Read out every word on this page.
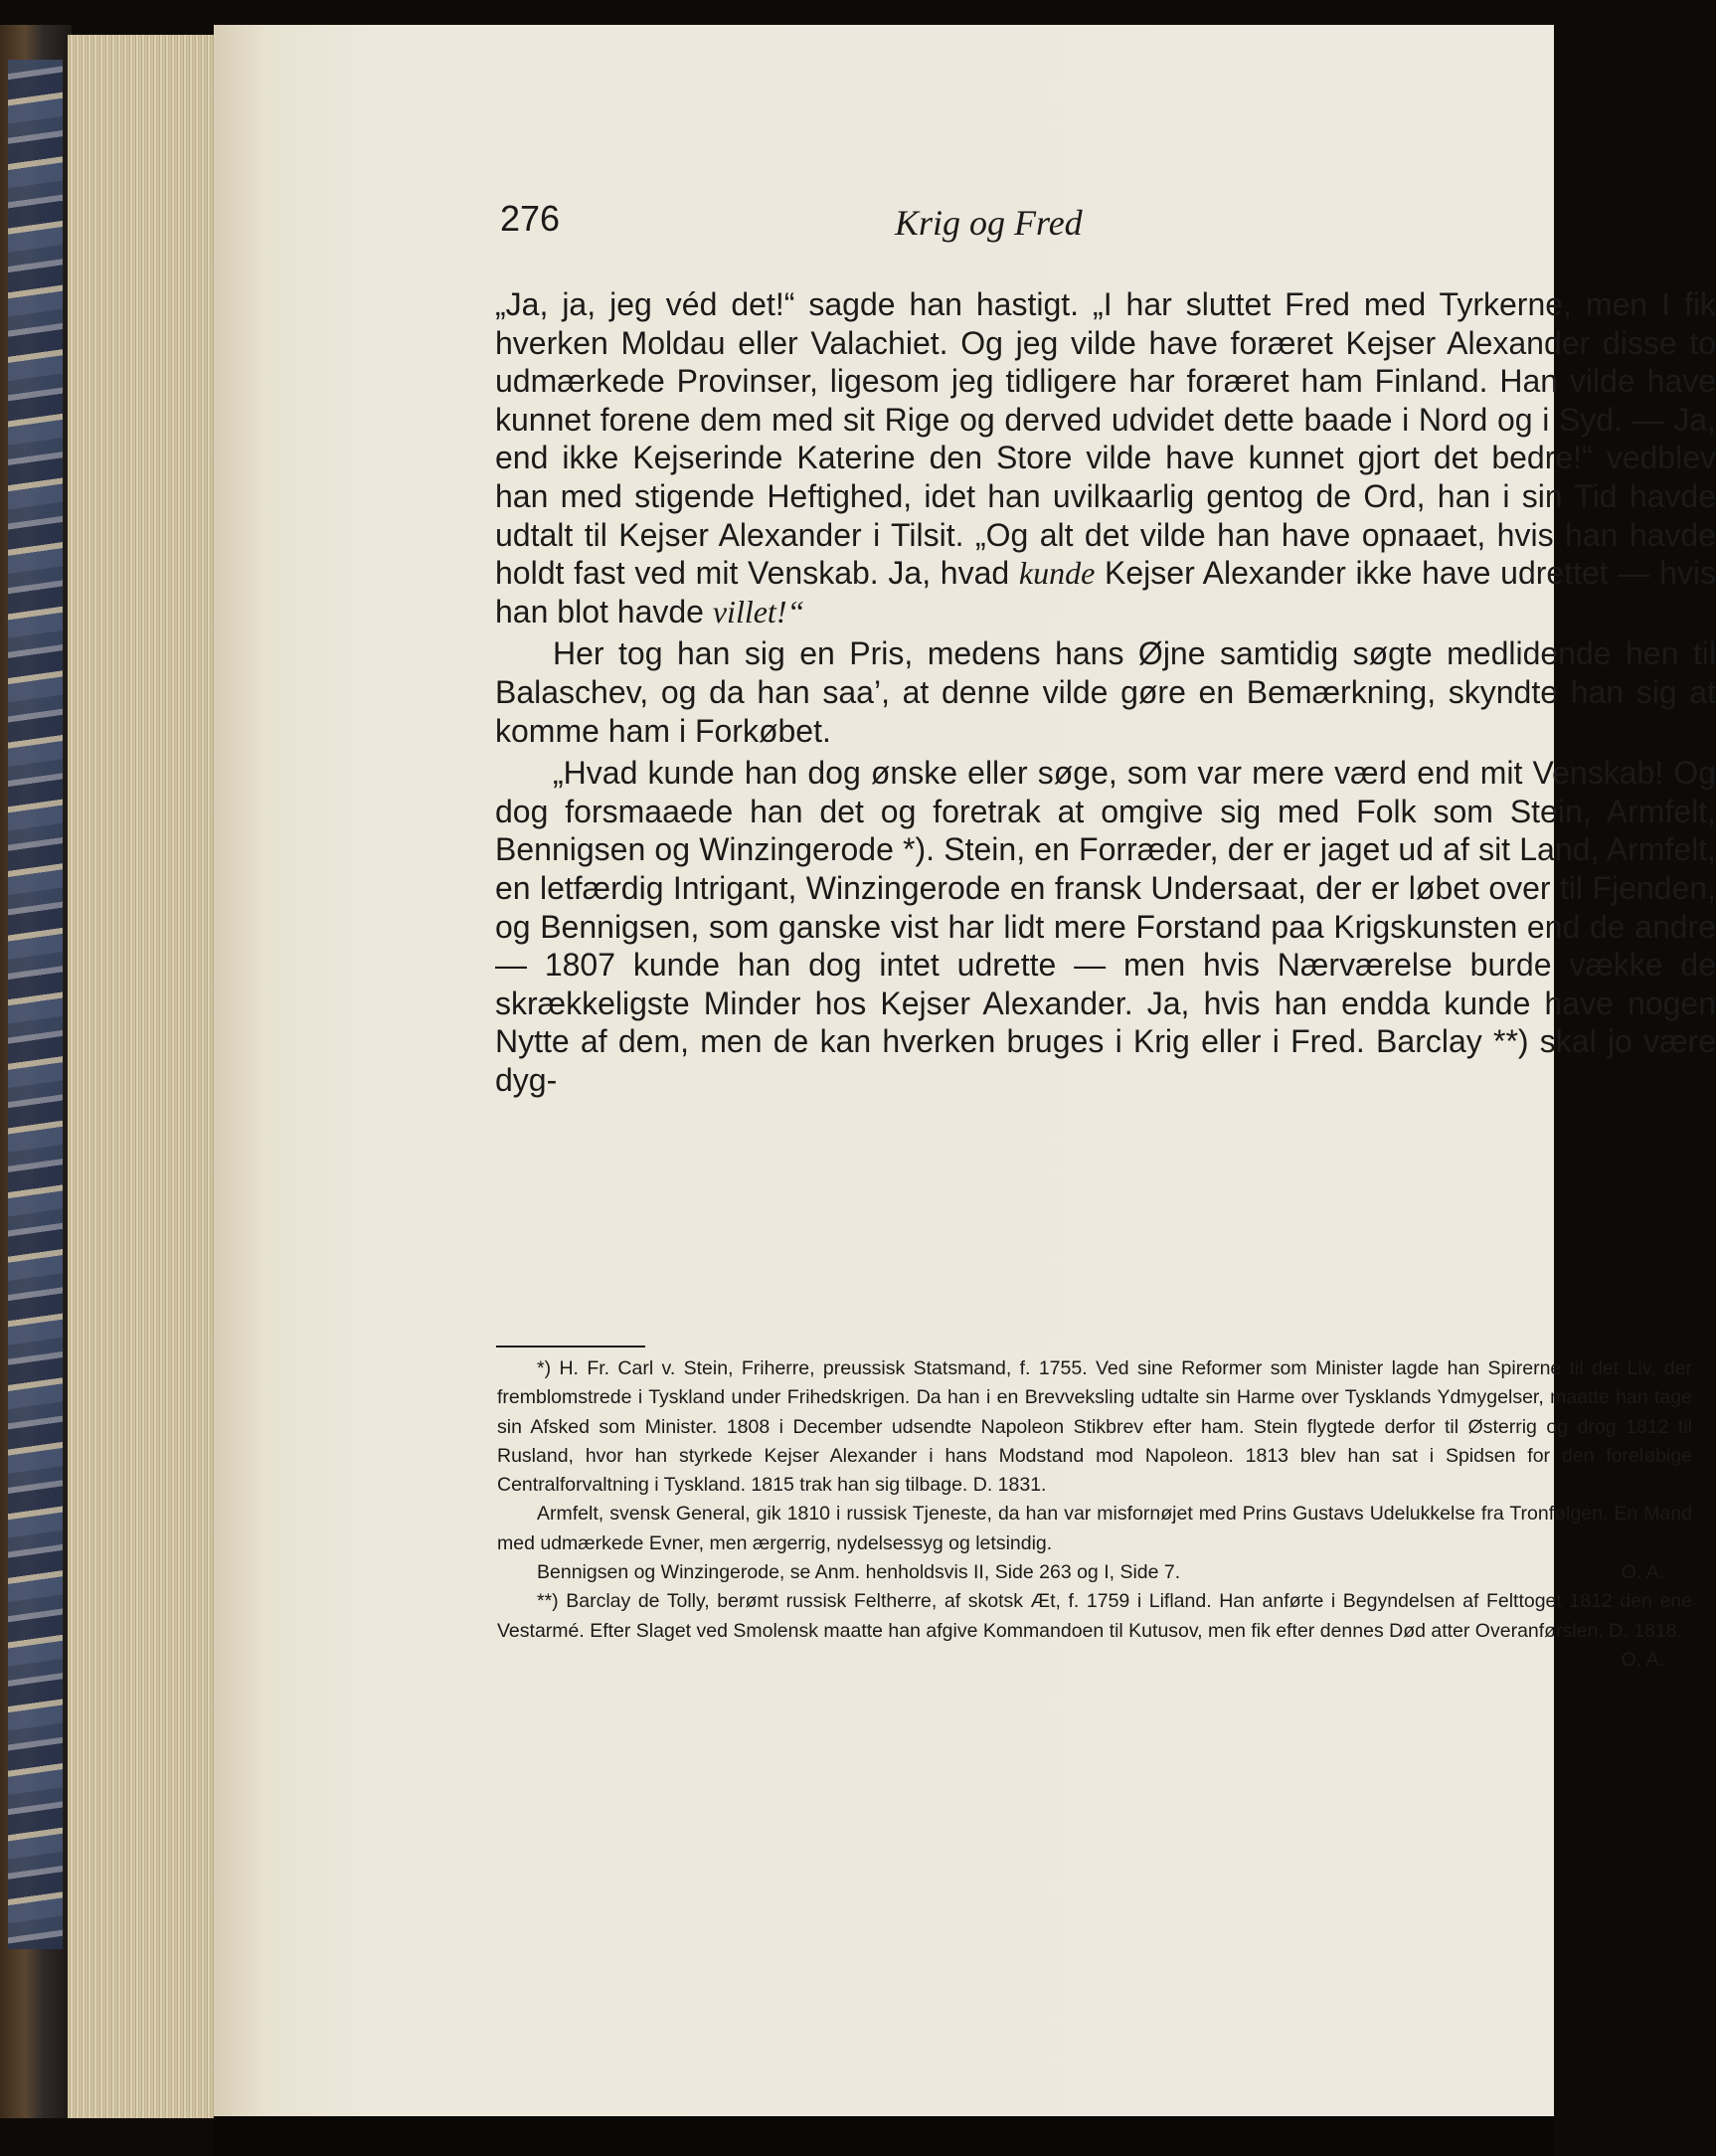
276	Krig og Fred

„Ja, ja, jeg véd det!“ sagde han hastigt. „I har sluttet Fred med Tyrkerne, men I fik hverken Moldau eller Valachiet. Og jeg vilde have foræret Kejser Alexander disse to udmærkede Provinser, ligesom jeg tidligere har foræret ham Finland. Han vilde have kunnet forene dem med sit Rige og derved udvidet dette baade i Nord og i Syd. — Ja, end ikke Kejserinde Katerine den Store vilde have kunnet gjort det bedre!“ vedblev han med stigende Heftighed, idet han uvilkaarlig gentog de Ord, han i sin Tid havde udtalt til Kejser Alexander i Tilsit. „Og alt det vilde han have opnaaet, hvis han havde holdt fast ved mit Venskab. Ja, hvad kunde Kejser Alexander ikke have udrettet — hvis han blot havde villet!“

Her tog han sig en Pris, medens hans Øjne samtidig søgte medlidende hen til Balaschev, og da han saa’, at denne vilde gøre en Bemærkning, skyndte han sig at komme ham i Forkøbet.

„Hvad kunde han dog ønske eller søge, som var mere værd end mit Venskab! Og dog forsmaaede han det og foretrak at omgive sig med Folk som Stein, Armfelt, Bennigsen og Winzingerode *). Stein, en Forræder, der er jaget ud af sit Land, Armfelt, en letfærdig Intrigant, Winzingerode en fransk Undersaat, der er løbet over til Fjenden, og Bennigsen, som ganske vist har lidt mere Forstand paa Krigskunsten end de andre — 1807 kunde han dog intet udrette — men hvis Nærværelse burde vække de skrækkeligste Minder hos Kejser Alexander. Ja, hvis han endda kunde have nogen Nytte af dem, men de kan hverken bruges i Krig eller i Fred. Barclay **) skal jo være dyg-

*) H. Fr. Carl v. Stein, Friherre, preussisk Statsmand, f. 1755. Ved sine Reformer som Minister lagde han Spirerne til det Liv, der fremblomstrede i Tyskland under Frihedskrigen. Da han i en Brevveksling udtalte sin Harme over Tysklands Ydmygelser, maatte han tage sin Afsked som Minister. 1808 i December udsendte Napoleon Stikbrev efter ham. Stein flygtede derfor til Østerrig og drog 1812 til Rusland, hvor han styrkede Kejser Alexander i hans Modstand mod Napoleon. 1813 blev han sat i Spidsen for den foreløbige Centralforvaltning i Tyskland. 1815 trak han sig tilbage. D. 1831.

Armfelt, svensk General, gik 1810 i russisk Tjeneste, da han var misfornøjet med Prins Gustavs Udelukkelse fra Tronfølgen. En Mand med udmærkede Evner, men ærgerrig, nydelsessyg og letsindig.

Bennigsen og Winzingerode, se Anm. henholdsvis II, Side 263 og I, Side 7.	O. A.

**) Barclay de Tolly, berømt russisk Feltherre, af skotsk Æt, f. 1759 i Lifland. Han anførte i Begyndelsen af Felttoget 1812 den ene Vestarmé. Efter Slaget ved Smolensk maatte han afgive Kommandoen til Kutusov, men fik efter dennes Død atter Overanførslen. D. 1818.

O. A.
